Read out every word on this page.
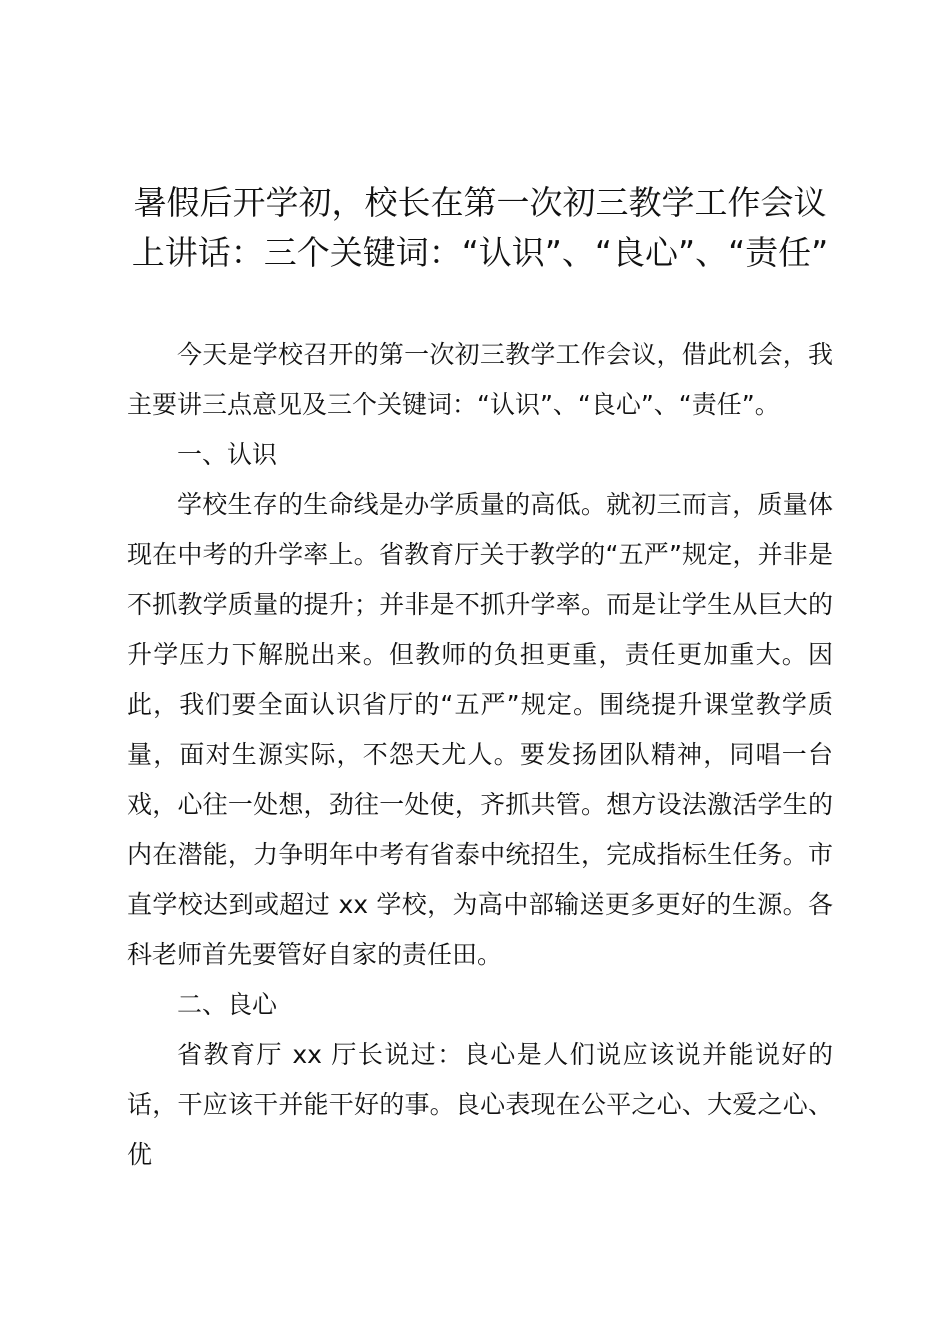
暑假后开学初，校长在第一次初三教学工作会议上讲话：三个关键词：“认识”、“良心”、“责任”

今天是学校召开的第一次初三教学工作会议，借此机会，我主要讲三点意见及三个关键词：“认识”、“良心”、“责任”。

一、认识

学校生存的生命线是办学质量的高低。就初三而言，质量体现在中考的升学率上。省教育厅关于教学的“五严”规定，并非是不抓教学质量的提升；并非是不抓升学率。而是让学生从巨大的升学压力下解脱出来。但教师的负担更重，责任更加重大。因此，我们要全面认识省厅的“五严”规定。围绕提升课堂教学质量，面对生源实际，不怨天尤人。要发扬团队精神，同唱一台戏，心往一处想，劲往一处使，齐抓共管。想方设法激活学生的内在潜能，力争明年中考有省泰中统招生，完成指标生任务。市直学校达到或超过 xx 学校，为高中部输送更多更好的生源。各科老师首先要管好自家的责任田。

二、良心

省教育厅 xx 厅长说过：良心是人们说应该说并能说好的话，干应该干并能干好的事。良心表现在公平之心、大爱之心、优
